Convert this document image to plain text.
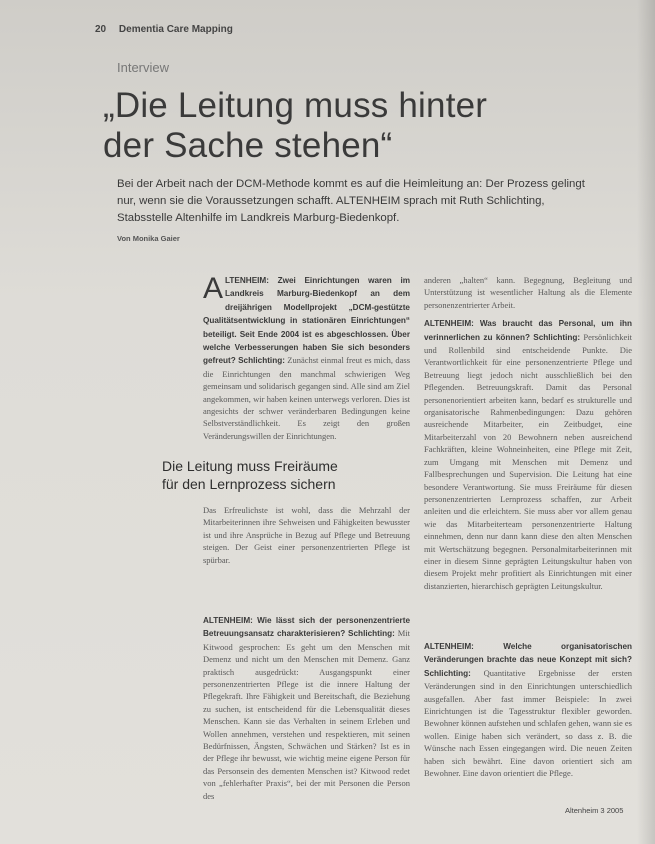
20 Dementia Care Mapping
Interview
„Die Leitung muss hinter
der Sache stehen“
Bei der Arbeit nach der DCM-Methode kommt es auf die Heimleitung an: Der Prozess gelingt nur, wenn sie die Voraussetzungen schafft. ALTENHEIM sprach mit Ruth Schlichting, Stabsstelle Altenhilfe im Landkreis Marburg-Biedenkopf.
Von Monika Gaier
A LTENHEIM: Zwei Einrichtungen waren im Landkreis Marburg-Biedenkopf an dem dreijährigen Modellprojekt „DCM-gestützte Qualitätsentwicklung in stationären Einrichtungen“ beteiligt. Seit Ende 2004 ist es abgeschlossen. Über welche Verbesserungen haben Sie sich besonders gefreut? Schlichting: Zunächst einmal freut es mich, dass die Einrichtungen den manchmal schwierigen Weg gemeinsam und solidarisch gegangen sind. Alle sind am Ziel angekommen, wir haben keinen unterwegs verloren. Dies ist angesichts der schwer veränderbaren Bedingungen keine Selbstverständlichkeit. Es zeigt den großen Veränderungswillen der Einrichtungen.

Die Leitung muss Freiräume
für den Lernprozess sichern

Das Erfreulichste ist wohl, dass die Mehrzahl der Mitarbeiterinnen ihre Sehweisen und Fähigkeiten bewusster ist und ihre Ansprüche in Bezug auf Pflege und Betreuung steigen. Der Geist einer personenzentrierten Pflege ist spürbar.

ALTENHEIM: Wie lässt sich der personenzentrierte Betreuungsansatz charakterisieren? Schlichting: Mit Kitwood gesprochen: Es geht um den Menschen mit Demenz und nicht um den Menschen mit Demenz. Ganz praktisch ausgedrückt: Ausgangspunkt einer personenzentrierten Pflege ist die innere Haltung der Pflegekraft. Ihre Fähigkeit und Bereitschaft, die Beziehung zu suchen, ist entscheidend für die Lebensqualität dieses Menschen. Kann sie das Verhalten in seinem Erleben und Wollen annehmen, verstehen und respektieren, mit seinen Bedürfnissen, Ängsten, Schwächen und Stärken? Ist es in der Pflege ihr bewusst, wie wichtig meine eigene Person für das Personsein des dementen Menschen ist? Kitwood redet von „fehlerhafter Praxis“, bei der mit Personen die Person des

anderen „halten“ kann. Begegnung, Begleitung und Unterstützung ist wesentlicher Haltung als die Elemente personenzentrierter Arbeit.

ALTENHEIM: Was braucht das Personal, um ihn verinnerlichen zu können? Schlichting: Persönlichkeit und Rollenbild sind entscheidende Punkte. Die Verantwortlichkeit für eine personenzentrierte Pflege und Betreuung liegt jedoch nicht ausschließlich bei den Pflegenden. Betreuungskraft. Damit das Personal personenorientiert arbeiten kann, bedarf es strukturelle und organisatorische Rahmenbedingungen: Dazu gehören ausreichende Mitarbeiter, ein Zeitbudget, eine Mitarbeiterzahl von 20 Bewohnern neben ausreichend Fachkräften, kleine Wohneinheiten, eine Pflege mit Zeit, zum Umgang mit Menschen mit Demenz und Fallbesprechungen und Supervision. Die Leitung hat eine besondere Verantwortung. Sie muss Freiräume für diesen personenzentrierten Lernprozess schaffen, zur Arbeit anleiten und die erleichtern. Sie muss aber vor allem genau wie das Mitarbeiterteam personenzentrierte Haltung einnehmen, denn nur dann kann diese den alten Menschen mit Wertschätzung begegnen. Personalmitarbeiterinnen mit einer in diesem Sinne geprägten Leitungskultur haben von diesem Projekt mehr profitiert als Einrichtungen mit einer distanzierten, hierarchisch geprägten Leitungskultur.

ALTENHEIM: Welche organisatorischen Veränderungen brachte das neue Konzept mit sich? Schlichting: Quantitative Ergebnisse der ersten Veränderungen sind in den Einrichtungen unterschiedlich ausgefallen. Aber fast immer Beispiele: In zwei Einrichtungen ist die Tagesstruktur flexibler geworden. Bewohner können aufstehen und schlafen gehen, wann sie es wollen. Einige haben sich verändert, so dass z. B. die Wünsche nach Essen eingegangen wird. Die neuen Zeiten haben sich bewährt. Eine davon orientiert sich am Bewohner. Eine davon orientiert die Pflege.

Altenheim 3 2005
